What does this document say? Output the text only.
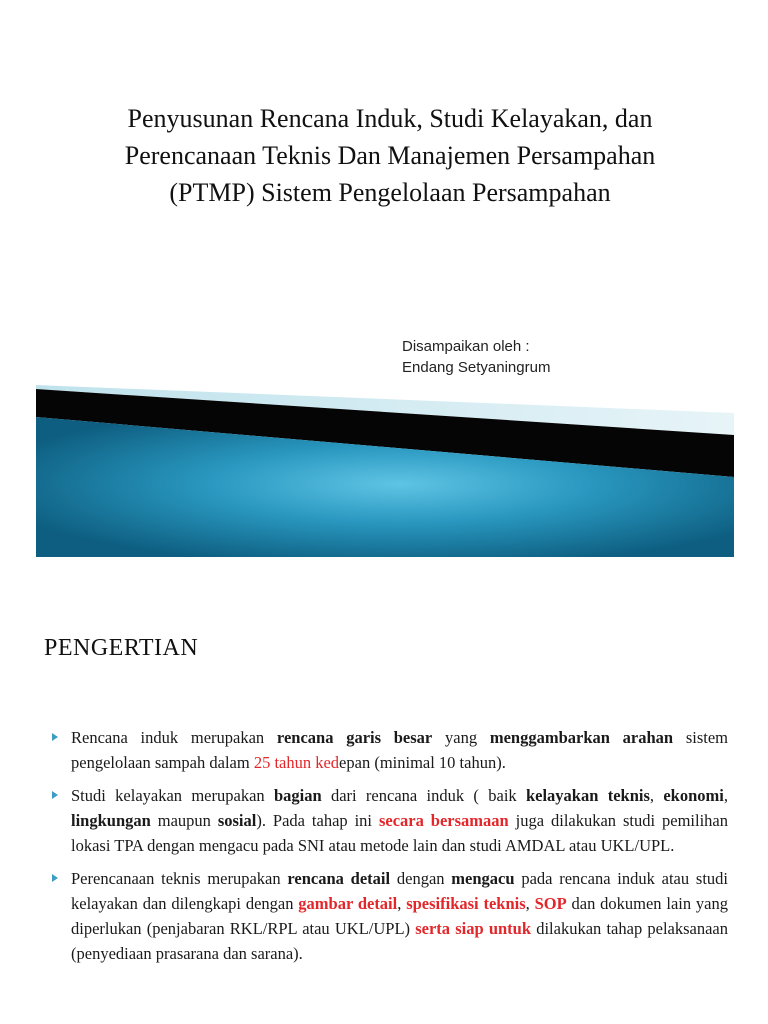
Penyusunan Rencana Induk, Studi Kelayakan, dan
Perencanaan Teknis Dan Manajemen Persampahan
(PTMP) Sistem Pengelolaan Persampahan
Disampaikan oleh :
Endang Setyaningrum
PENGERTIAN
Rencana induk merupakan rencana garis besar yang menggambarkan arahan sistem pengelolaan sampah dalam 25 tahun kedepan (minimal 10 tahun).
Studi kelayakan merupakan bagian dari rencana induk ( baik kelayakan teknis, ekonomi, lingkungan maupun sosial). Pada tahap ini secara bersamaan juga dilakukan studi pemilihan lokasi TPA dengan mengacu pada SNI atau metode lain dan studi AMDAL atau UKL/UPL.
Perencanaan teknis merupakan rencana detail dengan mengacu pada rencana induk atau studi kelayakan dan dilengkapi dengan gambar detail, spesifikasi teknis, SOP dan dokumen lain yang diperlukan (penjabaran RKL/RPL atau UKL/UPL) serta siap untuk dilakukan tahap pelaksanaan (penyediaan prasarana dan sarana).
